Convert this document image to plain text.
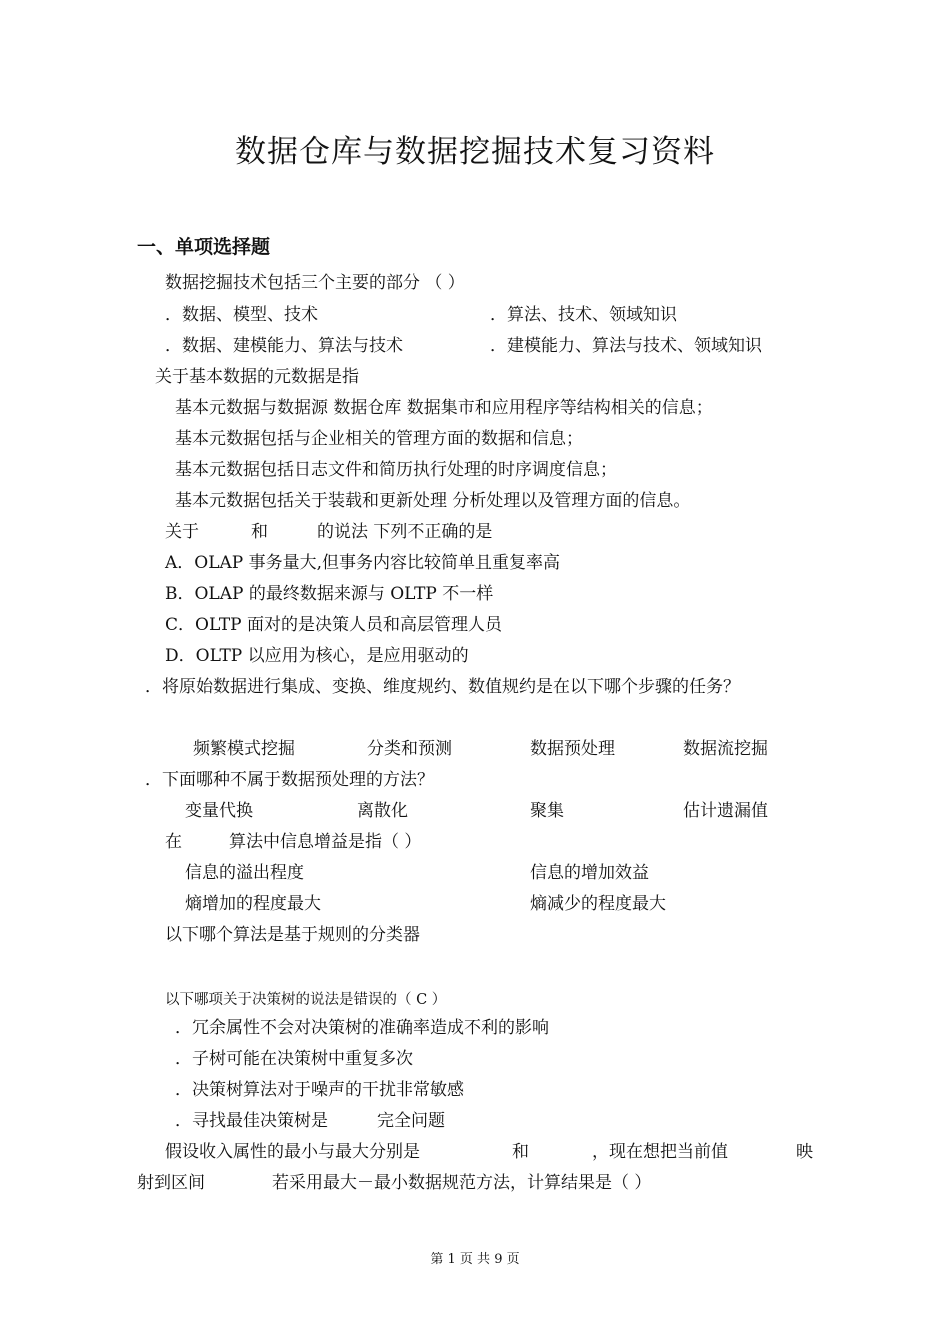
数据仓库与数据挖掘技术复习资料
一、单项选择题
数据挖掘技术包括三个主要的部分 （ ）
．数据、模型、技术	．算法、技术、领域知识
．数据、建模能力、算法与技术	．建模能力、算法与技术、领域知识
关于基本数据的元数据是指
基本元数据与数据源 数据仓库 数据集市和应用程序等结构相关的信息；
基本元数据包括与企业相关的管理方面的数据和信息；
基本元数据包括日志文件和简历执行处理的时序调度信息；
基本元数据包括关于装载和更新处理 分析处理以及管理方面的信息。
关于	和	的说法 下列不正确的是
A．OLAP 事务量大,但事务内容比较简单且重复率高
B．OLAP 的最终数据来源与 OLTP 不一样
C．OLTP 面对的是决策人员和高层管理人员
D．OLTP 以应用为核心，是应用驱动的
．将原始数据进行集成、变换、维度规约、数值规约是在以下哪个步骤的任务？
频繁模式挖掘	分类和预测	数据预处理	数据流挖掘
．下面哪种不属于数据预处理的方法？
变量代换	离散化	聚集	估计遗漏值
在	算法中信息增益是指（ ）
信息的溢出程度	信息的增加效益
熵增加的程度最大	熵减少的程度最大
以下哪个算法是基于规则的分类器
以下哪项关于决策树的说法是错误的（ C ）
．冗余属性不会对决策树的准确率造成不利的影响
．子树可能在决策树中重复多次
．决策树算法对于噪声的干扰非常敏感
．寻找最佳决策树是	完全问题
假设收入属性的最小与最大分别是	和	，现在想把当前值	映
射到区间	若采用最大－最小数据规范方法，计算结果是（ ）
第 1 页 共 9 页
